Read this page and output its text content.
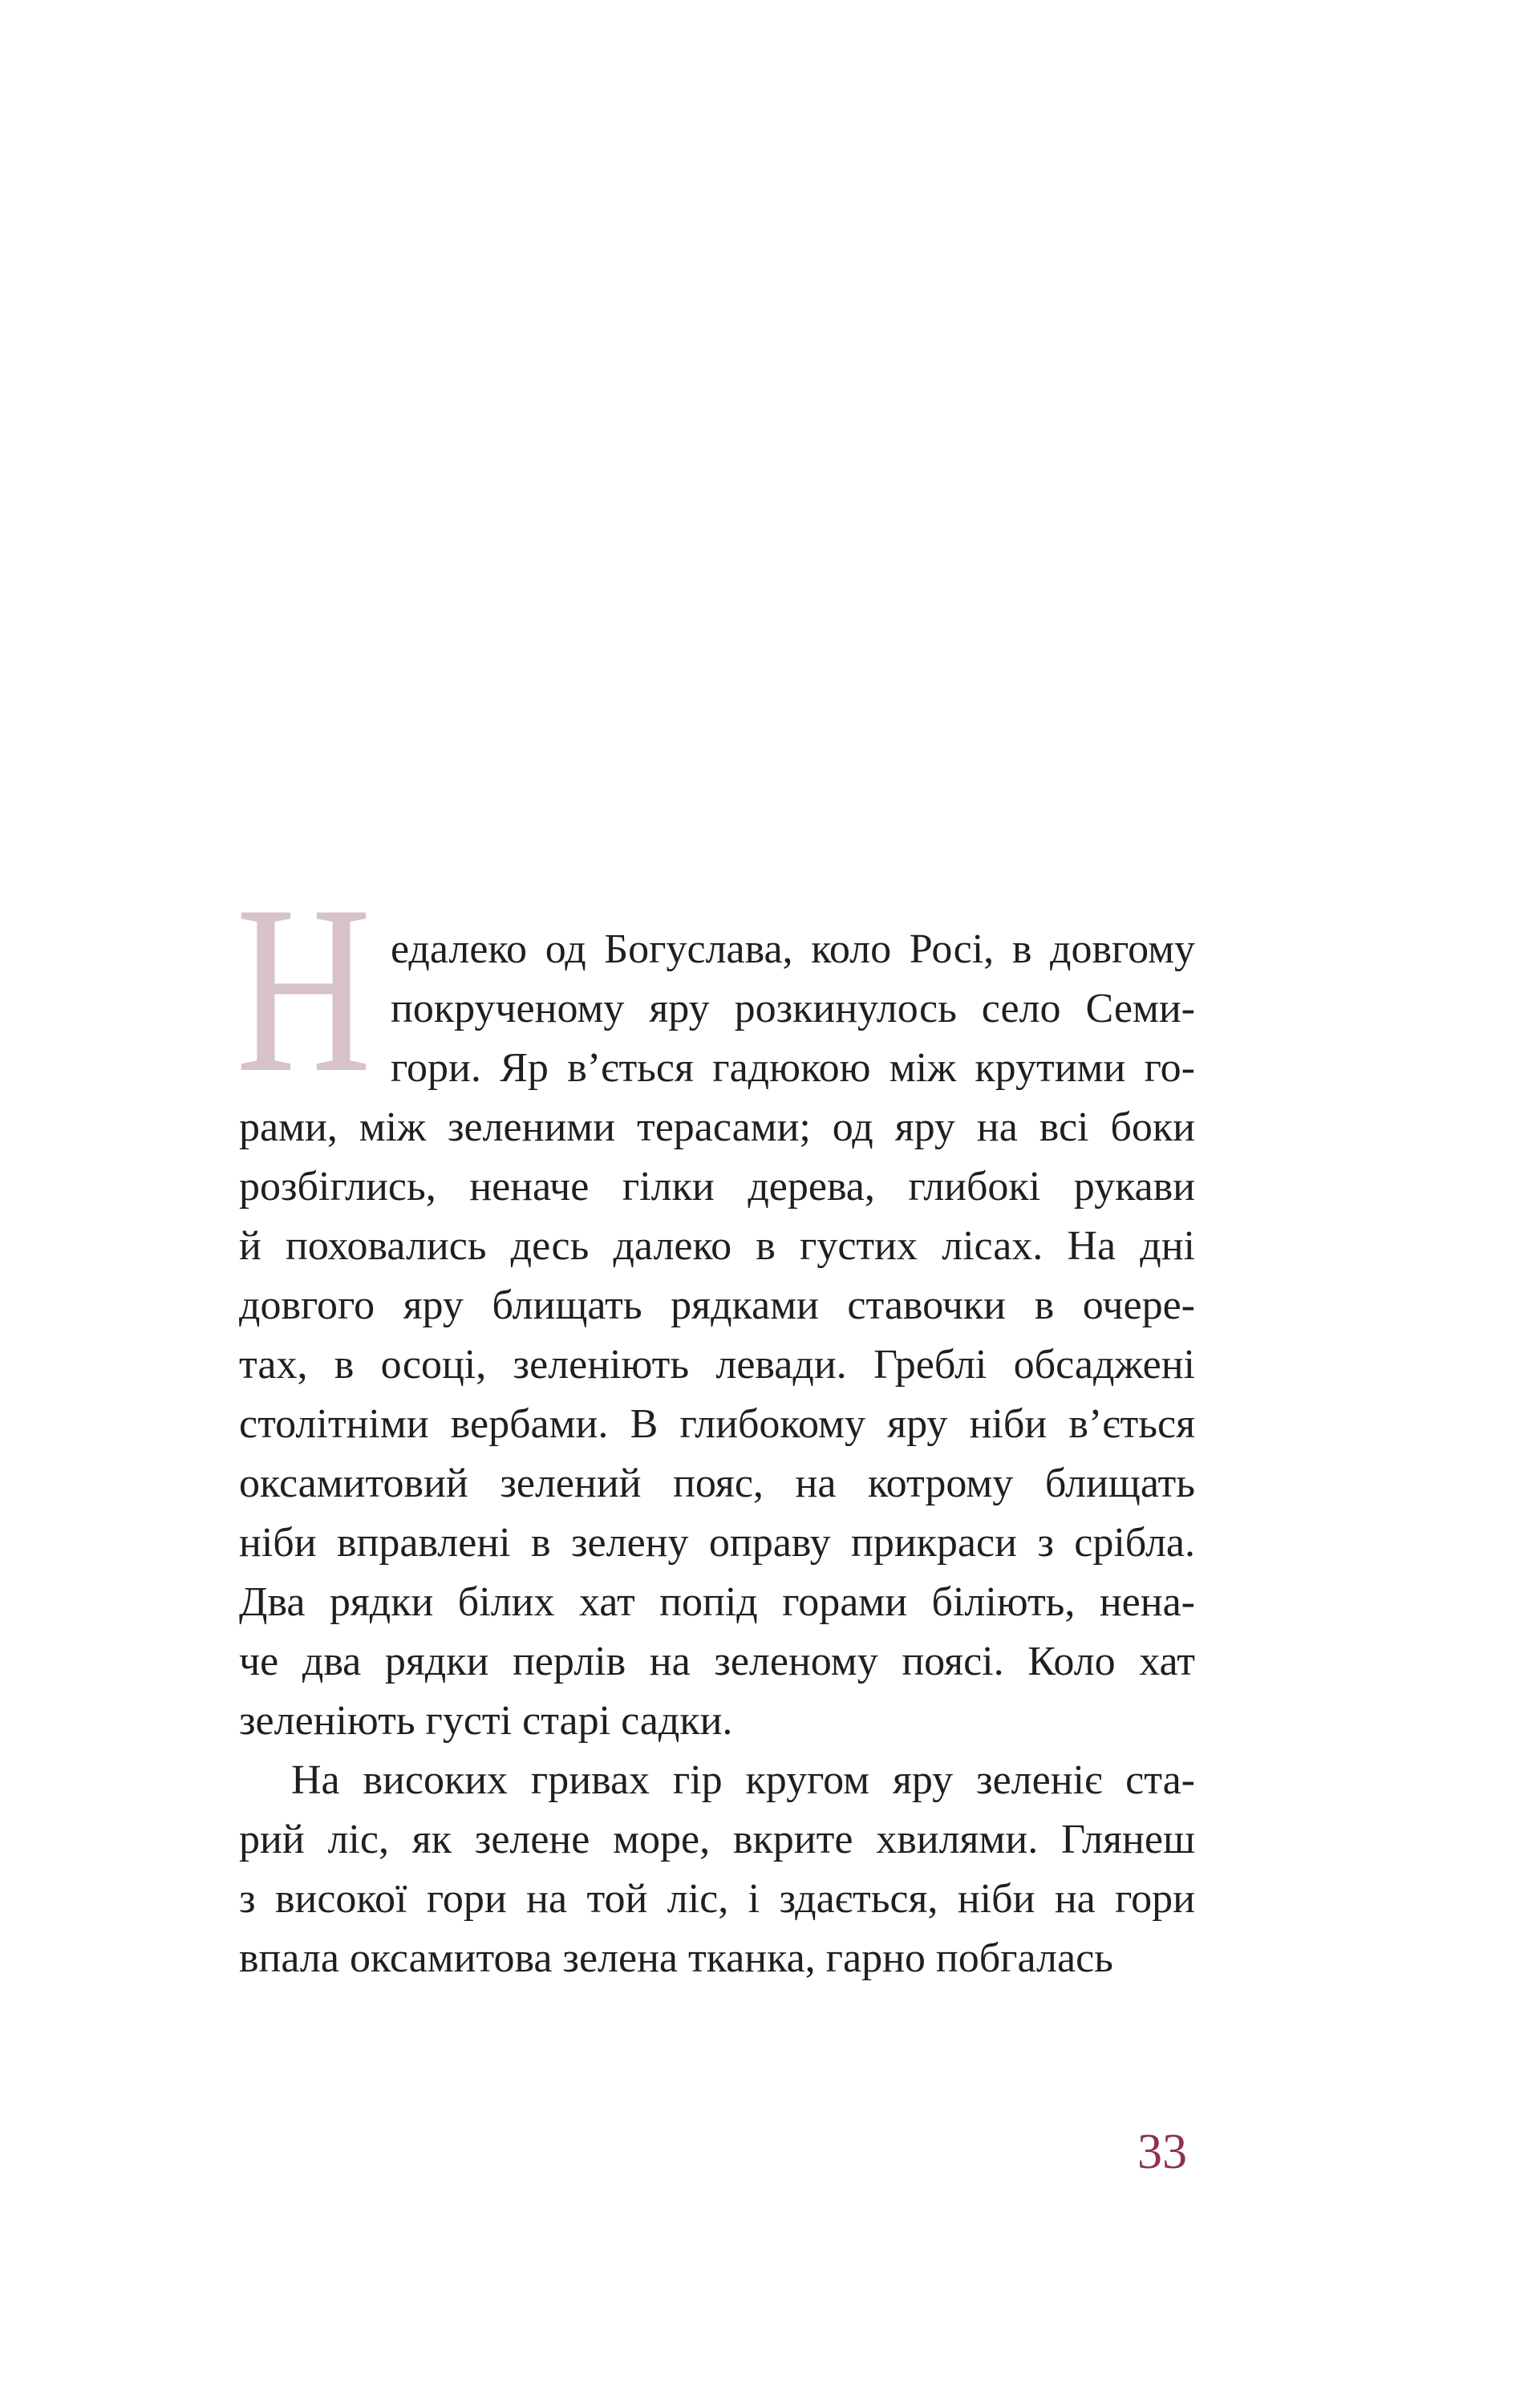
Н едалеко од Богуслава, коло Росі, в довгому
покрученому яру розкинулось село Семи-
гори. Яр в’ється гадюкою між крутими го-
рами, між зеленими терасами; од яру на всі боки
розбіглись, неначе гілки дерева, глибокі рукави
й поховались десь далеко в густих лісах. На дні
довгого яру блищать рядками ставочки в очере-
тах, в осоці, зеленіють левади. Греблі обсаджені
столітніми вербами. В глибокому яру ніби в’ється
оксамитовий зелений пояс, на котрому блищать
ніби вправлені в зелену оправу прикраси з срібла.
Два рядки білих хат попід горами біліють, нена-
че два рядки перлів на зеленому поясі. Коло хат
зеленіють густі старі садки.
На високих гривах гір кругом яру зеленіє ста-
рий ліс, як зелене море, вкрите хвилями. Глянеш
з високої гори на той ліс, і здається, ніби на гори
впала оксамитова зелена тканка, гарно побгалась
33
